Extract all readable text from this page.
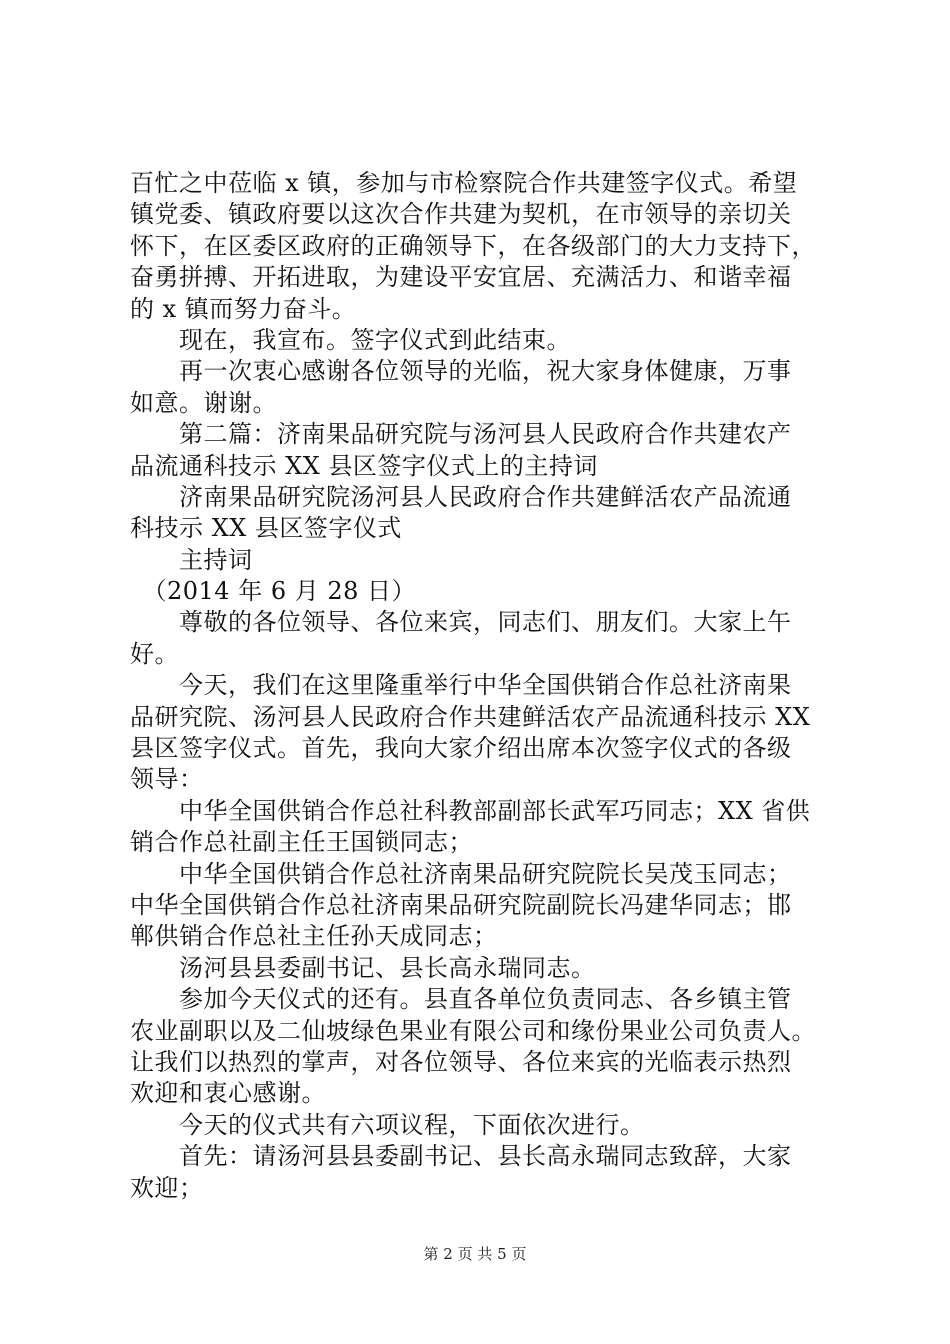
百忙之中莅临 x 镇，参加与市检察院合作共建签字仪式。希望
镇党委、镇政府要以这次合作共建为契机，在市领导的亲切关
怀下，在区委区政府的正确领导下，在各级部门的大力支持下，
奋勇拼搏、开拓进取，为建设平安宜居、充满活力、和谐幸福
的 x 镇而努力奋斗。
　　现在，我宣布。签字仪式到此结束。
　　再一次衷心感谢各位领导的光临，祝大家身体健康，万事
如意。谢谢。
　　第二篇：济南果品研究院与汤河县人民政府合作共建农产
品流通科技示 XX 县区签字仪式上的主持词
　　济南果品研究院汤河县人民政府合作共建鲜活农产品流通
科技示 XX 县区签字仪式
　　主持词
　（2014 年 6 月 28 日）
　　尊敬的各位领导、各位来宾，同志们、朋友们。大家上午
好。
　　今天，我们在这里隆重举行中华全国供销合作总社济南果
品研究院、汤河县人民政府合作共建鲜活农产品流通科技示 XX
县区签字仪式。首先，我向大家介绍出席本次签字仪式的各级
领导：
　　中华全国供销合作总社科教部副部长武军巧同志；XX 省供
销合作总社副主任王国锁同志；
　　中华全国供销合作总社济南果品研究院院长吴茂玉同志；
中华全国供销合作总社济南果品研究院副院长冯建华同志；邯
郸供销合作总社主任孙天成同志；
　　汤河县县委副书记、县长高永瑞同志。
　　参加今天仪式的还有。县直各单位负责同志、各乡镇主管
农业副职以及二仙坡绿色果业有限公司和缘份果业公司负责人。
让我们以热烈的掌声，对各位领导、各位来宾的光临表示热烈
欢迎和衷心感谢。
　　今天的仪式共有六项议程，下面依次进行。
　　首先：请汤河县县委副书记、县长高永瑞同志致辞，大家
欢迎；
第 2 页 共 5 页
